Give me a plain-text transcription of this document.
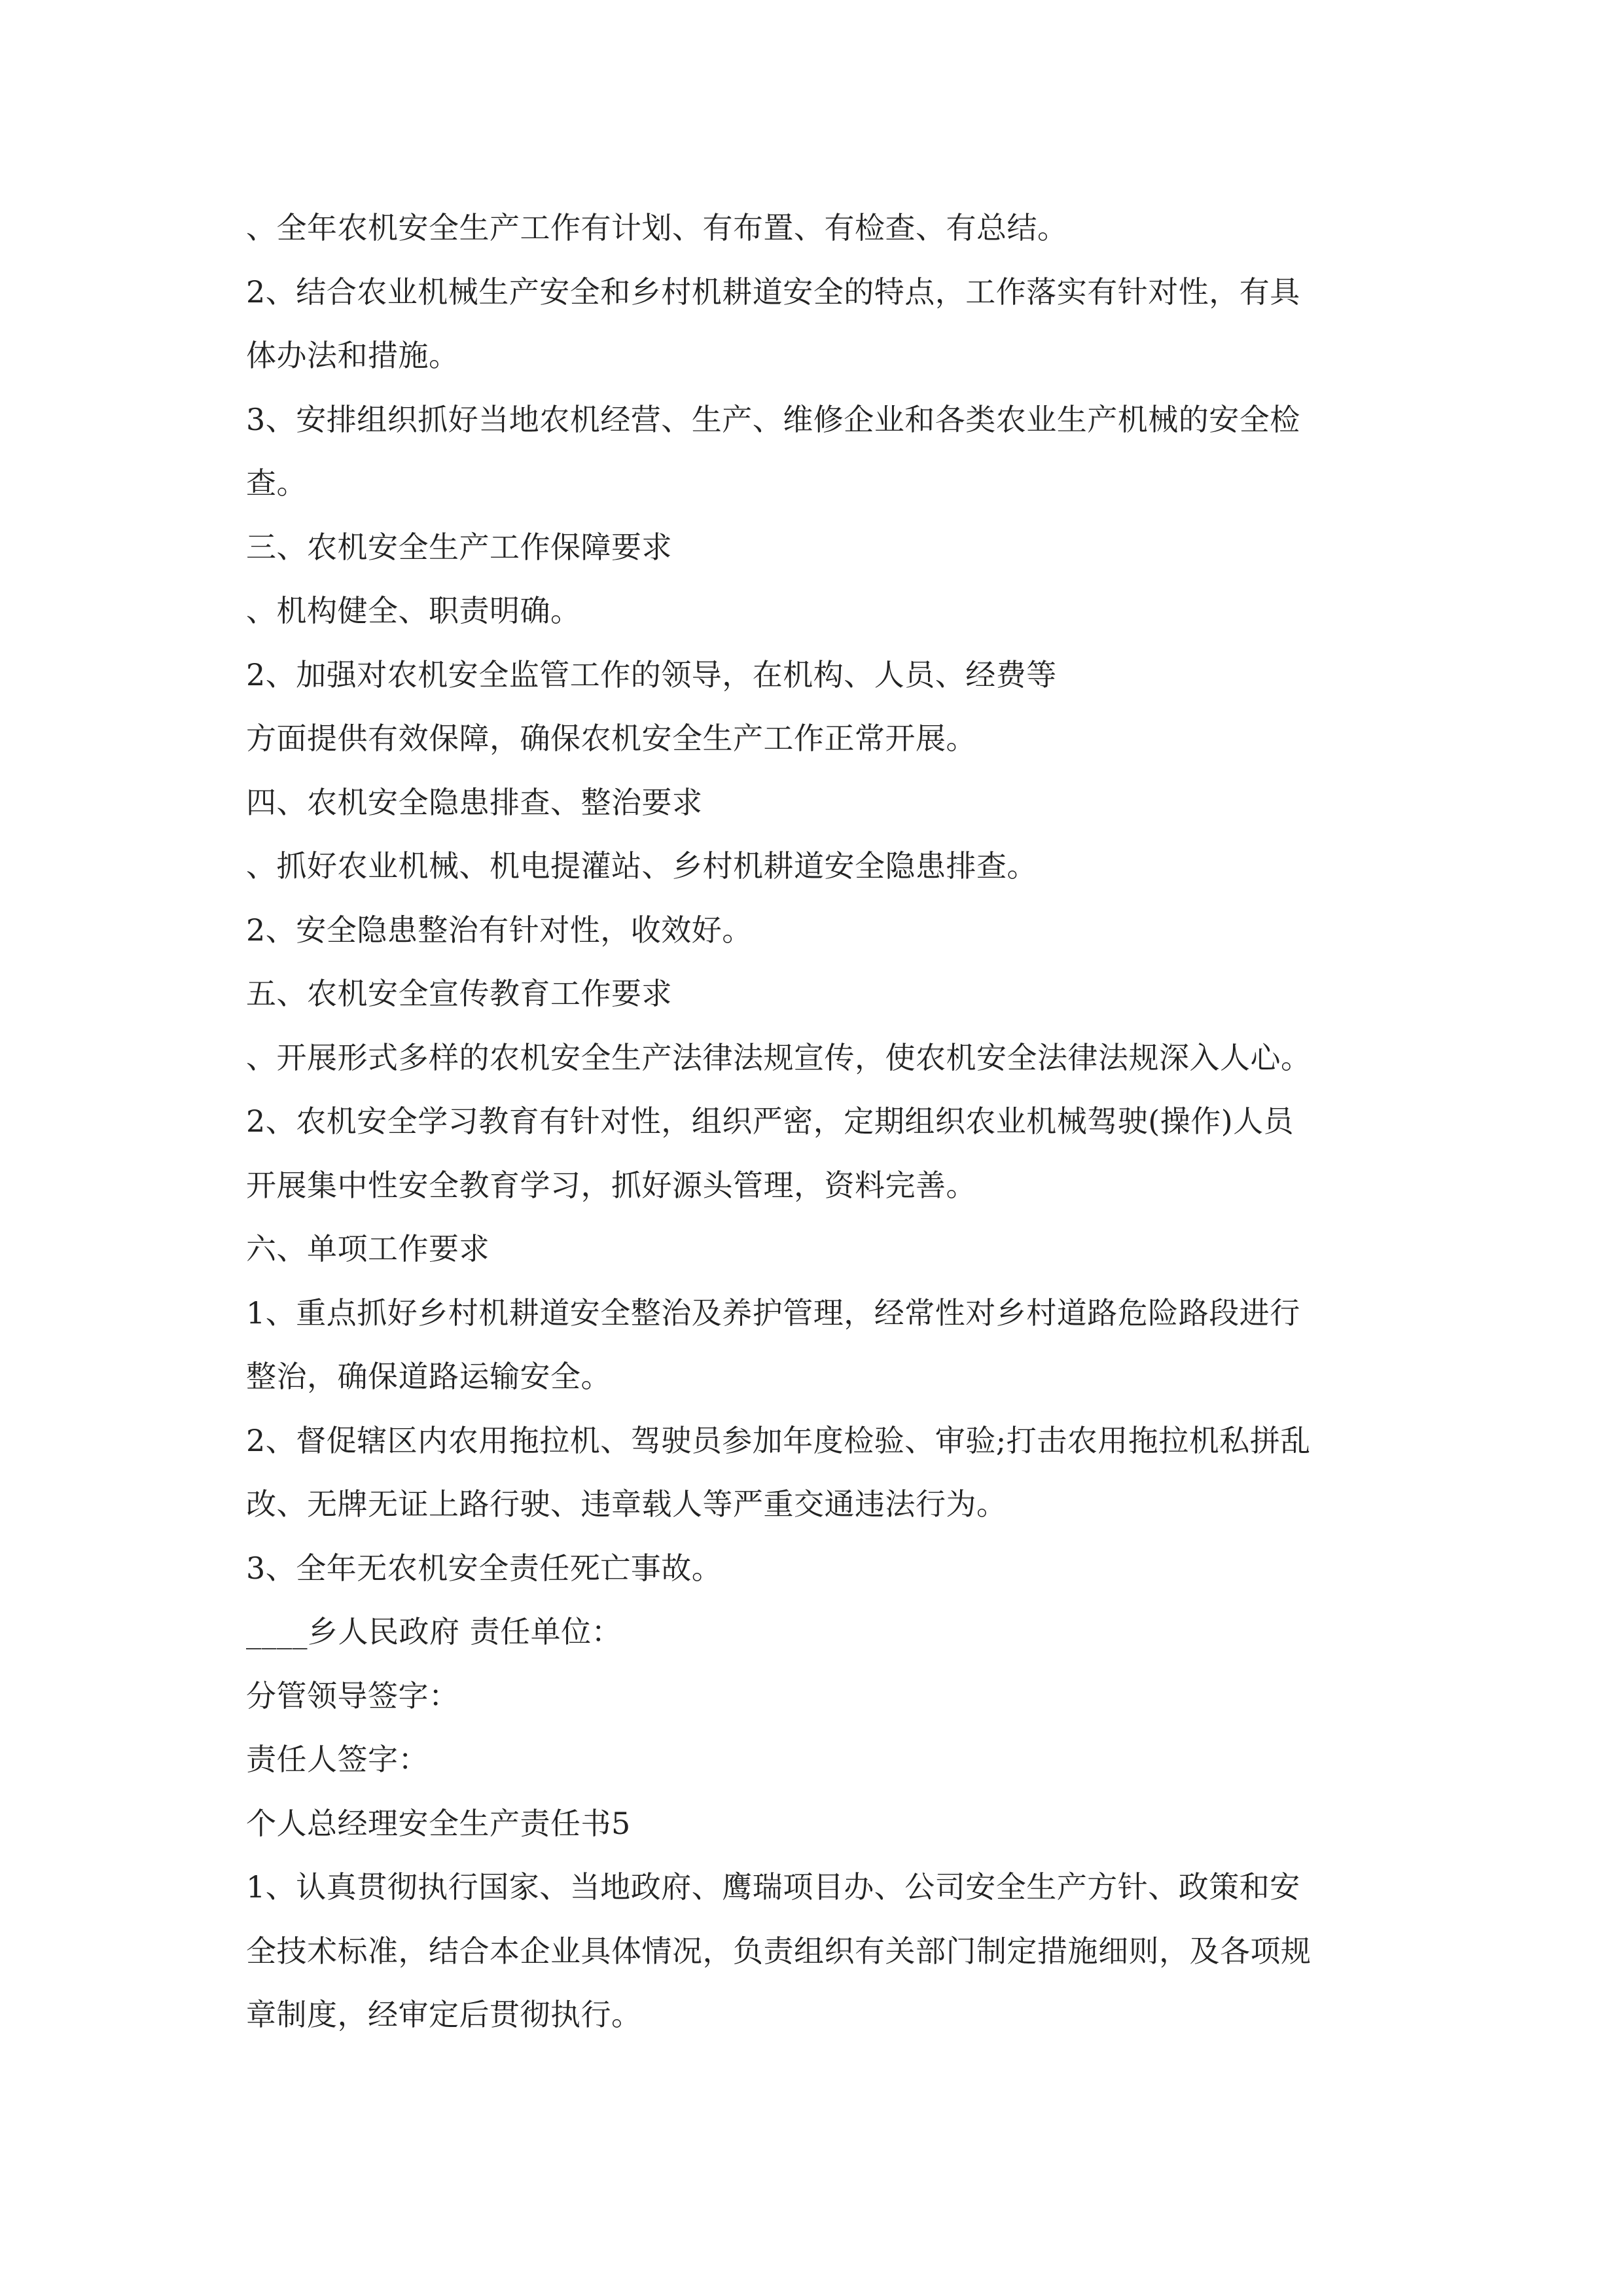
、全年农机安全生产工作有计划、有布置、有检查、有总结。
2、结合农业机械生产安全和乡村机耕道安全的特点，工作落实有针对性，有具
体办法和措施。
3、安排组织抓好当地农机经营、生产、维修企业和各类农业生产机械的安全检
查。
三、农机安全生产工作保障要求
、机构健全、职责明确。
2、加强对农机安全监管工作的领导，在机构、人员、经费等
方面提供有效保障，确保农机安全生产工作正常开展。
四、农机安全隐患排查、整治要求
、抓好农业机械、机电提灌站、乡村机耕道安全隐患排查。
2、安全隐患整治有针对性，收效好。
五、农机安全宣传教育工作要求
、开展形式多样的农机安全生产法律法规宣传，使农机安全法律法规深入人心。
2、农机安全学习教育有针对性，组织严密，定期组织农业机械驾驶(操作)人员
开展集中性安全教育学习，抓好源头管理，资料完善。
六、单项工作要求
1、重点抓好乡村机耕道安全整治及养护管理，经常性对乡村道路危险路段进行
整治，确保道路运输安全。
2、督促辖区内农用拖拉机、驾驶员参加年度检验、审验;打击农用拖拉机私拼乱
改、无牌无证上路行驶、违章载人等严重交通违法行为。
3、全年无农机安全责任死亡事故。
____乡人民政府 责任单位：
分管领导签字：
责任人签字：
个人总经理安全生产责任书5
1、认真贯彻执行国家、当地政府、鹰瑞项目办、公司安全生产方针、政策和安
全技术标准，结合本企业具体情况，负责组织有关部门制定措施细则，及各项规
章制度，经审定后贯彻执行。
